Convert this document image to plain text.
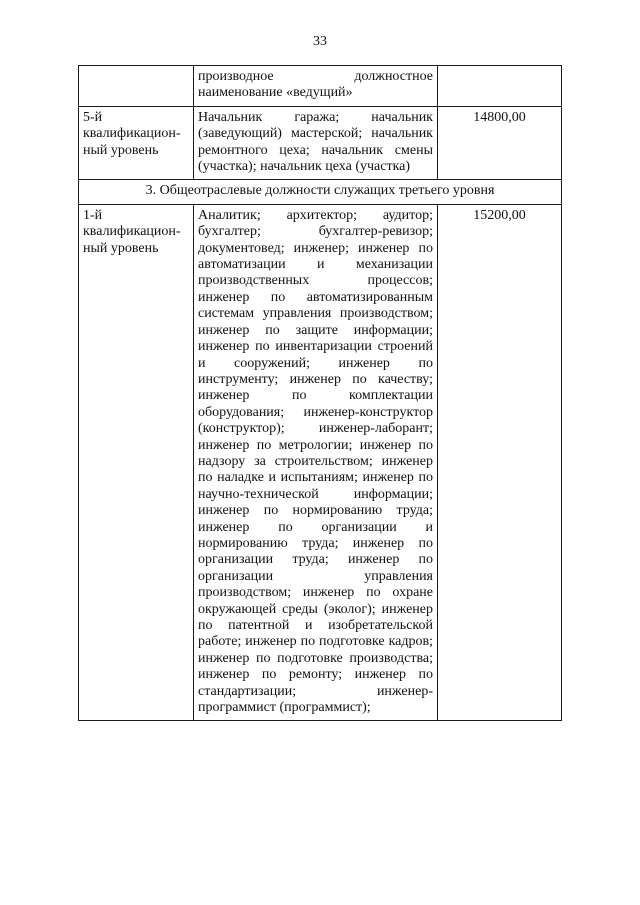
33
	производное должностное наименование «ведущий»	
5-й квалификацион-ный уровень	Начальник гаража; начальник (заведующий) мастерской; начальник ремонтного цеха; начальник смены (участка); начальник цеха (участка)	14800,00
3. Общеотраслевые должности служащих третьего уровня		
1-й квалификацион-ный уровень	Аналитик; архитектор; аудитор; бухгалтер; бухгалтер-ревизор; документовед; инженер; инженер по автоматизации и механизации производственных процессов; инженер по автоматизированным системам управления производством; инженер по защите информации; инженер по инвентаризации строений и сооружений; инженер по инструменту; инженер по качеству; инженер по комплектации оборудования; инженер-конструктор (конструктор); инженер-лаборант; инженер по метрологии; инженер по надзору за строительством; инженер по наладке и испытаниям; инженер по научно-технической информации; инженер по нормированию труда; инженер по организации и нормированию труда; инженер по организации труда; инженер по организации управления производством; инженер по охране окружающей среды (эколог); инженер по патентной и изобретательской работе; инженер по подготовке кадров; инженер по подготовке производства; инженер по ремонту; инженер по стандартизации; инженер-программист (программист);	15200,00
